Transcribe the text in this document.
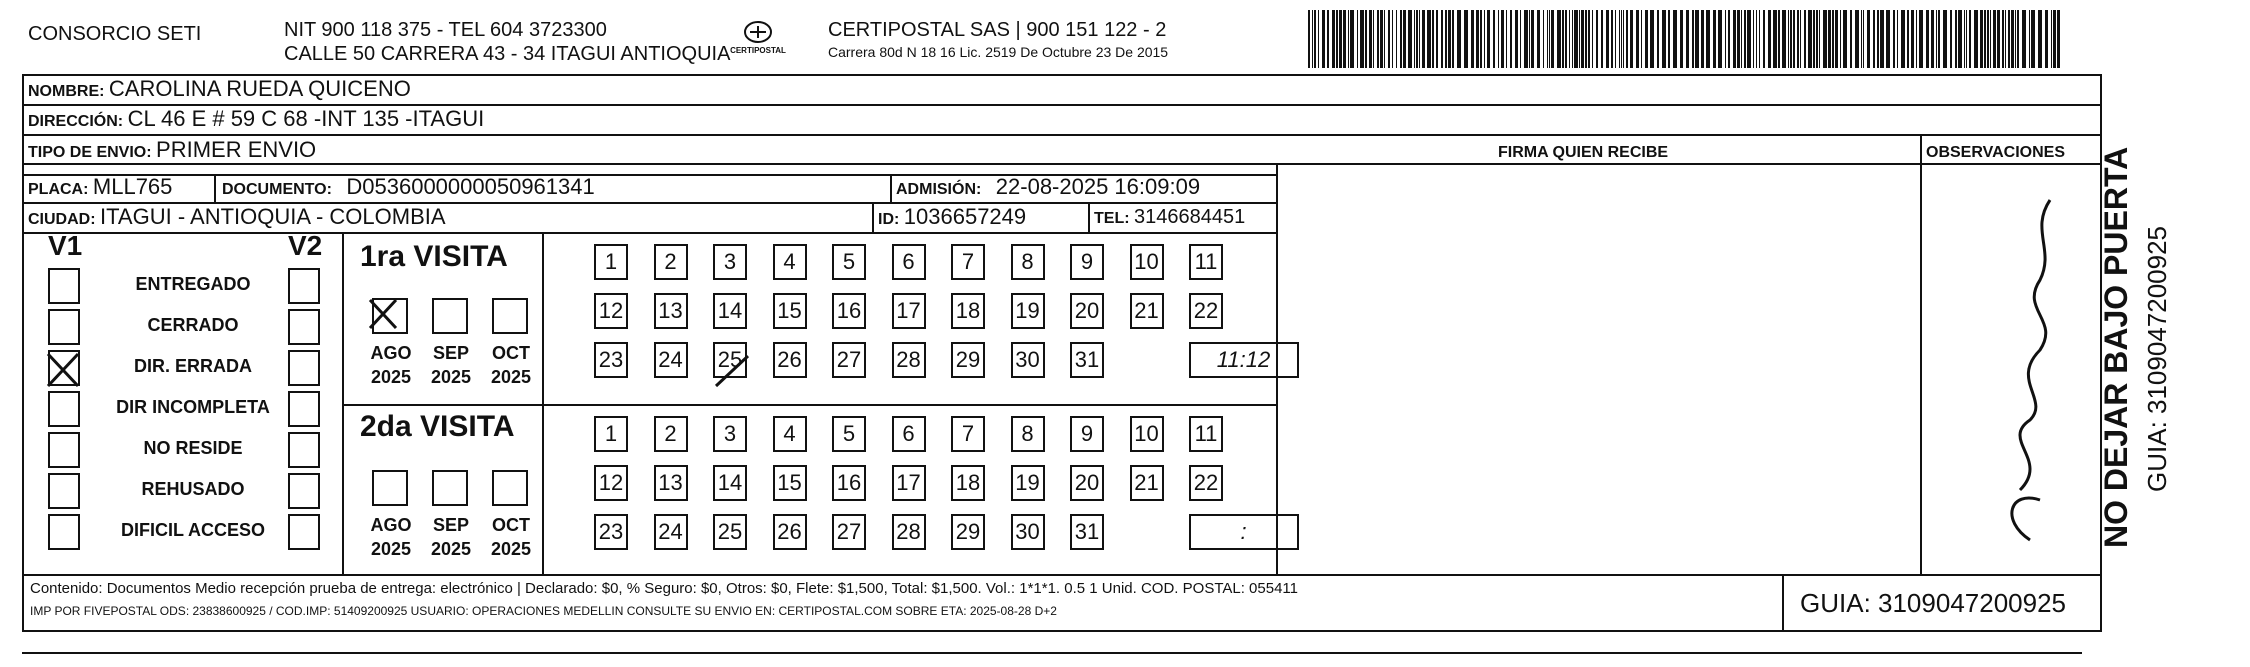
CONSORCIO SETI	NIT 900 118 375 - TEL 604 3723300
CALLE 50 CARRERA 43 - 34 ITAGUI ANTIOQUIA CERTIPOSTAL
CERTIPOSTAL SAS | 900 151 122 - 2
Carrera 80d N 18 16 Lic. 2519 De Octubre 23 De 2015
NOMBRE: CAROLINA RUEDA QUICENO
DIRECCIÓN: CL 46 E # 59 C 68 -INT 135 -ITAGUI
TIPO DE ENVIO: PRIMER ENVIO	FIRMA QUIEN RECIBE	OBSERVACIONES
PLACA: MLL765	DOCUMENTO: D0536000000050961341	ADMISIÓN: 22-08-2025 16:09:09
CIUDAD: ITAGUI - ANTIOQUIA - COLOMBIA	ID: 1036657249	TEL: 3146684451
V1	V2
ENTREGADO
CERRADO
DIR. ERRADA
DIR INCOMPLETA
NO RESIDE
REHUSADO
DIFICIL ACCESO
1ra VISITA
2da VISITA
AGO
2025
SEP
2025
OCT
2025
AGO
2025
SEP
2025
OCT
2025
1	2	3	4	5	6	7	8	9	10 11
12 13 14 15 16 17 18 19 20 21 22
23 24 25 26 27 28 29 30 31	11:12
1	2	3	4	5	6	7	8	9	10 11
12 13 14 15 16 17 18 19 20 21 22
23 24 25 26 27 28 29 30 31	:	NO DEJAR BAJO PUERTA GUIA: 3109047200925
Contenido: Documentos Medio recepción prueba de entrega: electrónico | Declarado: $0, % Seguro: $0, Otros: $0, Flete: $1,500, Total: $1,500. Vol.: 1*1*1. 0.5 1 Unid. COD. POSTAL: 055411
IMP POR FIVEPOSTAL ODS: 23838600925 / COD.IMP: 51409200925 USUARIO: OPERACIONES MEDELLIN CONSULTE SU ENVIO EN: CERTIPOSTAL.COM SOBRE ETA: 2025-08-28 D+2	GUIA: 3109047200925
